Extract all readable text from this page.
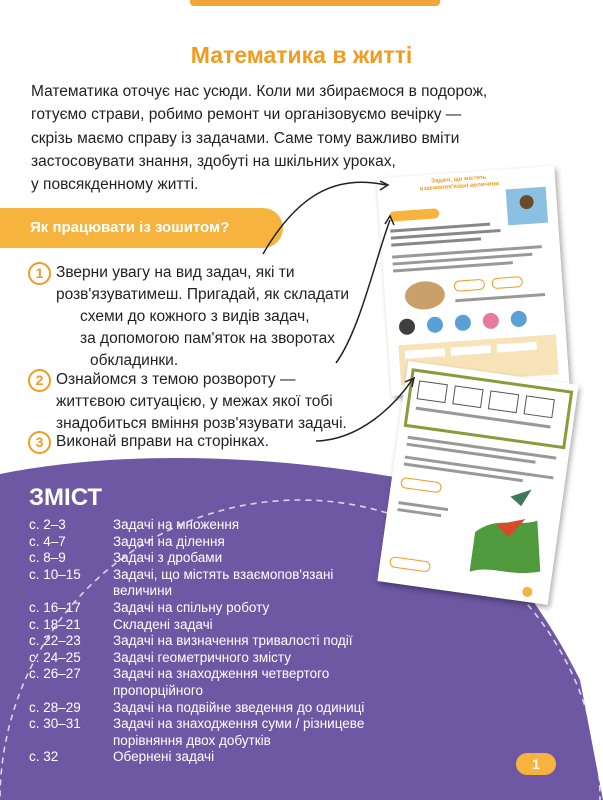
Математика в житті
Математика оточує нас усюди. Коли ми збираємося в подорож,
готуємо страви, робимо ремонт чи організовуємо вечірку —
скрізь маємо справу із задачами. Саме тому важливо вміти
застосовувати знання, здобуті на шкільних уроках,
у повсякденному житті.
Як працювати із зошитом?
1 Зверни увагу на вид задач, які ти
розв'язуватимеш. Пригадай, як складати
схеми до кожного з видів задач,
за допомогою пам'яток на зворотах
обкладинки.
2 Ознайомся з темою розвороту —
життєвою ситуацією, у межах якої тобі
знадобиться вміння розв'язувати задачі.
3 Виконай вправи на сторінках.
Задачі, що містять взаємопов'язані величини
ЗМІСТ
с. 2–3	Задачі на множення
с. 4–7	Задачі на ділення
с. 8–9	Задачі з дробами
с. 10–15	Задачі, що містять взаємопов'язані величини
с. 16–17	Задачі на спільну роботу
с. 18–21	Складені задачі
с. 22–23	Задачі на визначення тривалості події
с. 24–25	Задачі геометричного змісту
с. 26–27	Задачі на знаходження четвертого пропорційного
с. 28–29	Задачі на подвійне зведення до одиниці
с. 30–31	Задачі на знаходження суми / різницеве порівняння двох добутків
с. 32	Обернені задачі	1
